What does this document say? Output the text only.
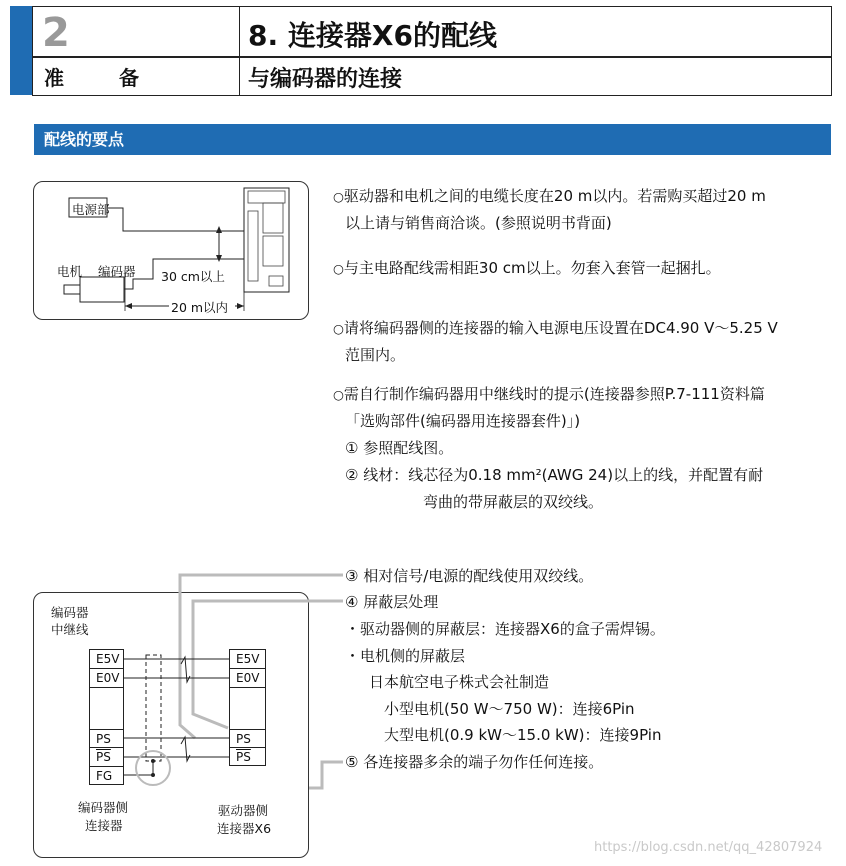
2
准 备
8. 连接器X6的配线
与编码器的连接
配线的要点
电源部
电机 编码器 30 cm以上
20 m以内
○驱动器和电机之间的电缆长度在20 m以内。若需购买超过20 m
以上请与销售商洽谈。(参照说明书背面)
○与主电路配线需相距30 cm以上。勿套入套管一起捆扎。
○请将编码器侧的连接器的输入电源电压设置在DC4.90 V～5.25 V
范围内。
○需自行制作编码器用中继线时的提示(连接器参照P.7-111资料篇
「选购部件(编码器用连接器套件)」)
① 参照配线图。
② 线材：线芯径为0.18 mm²(AWG 24)以上的线，并配置有耐
弯曲的带屏蔽层的双绞线。
③ 相对信号/电源的配线使用双绞线。
④ 屏蔽层处理
・驱动器侧的屏蔽层：连接器X6的盒子需焊锡。
・电机侧的屏蔽层
日本航空电子株式会社制造
小型电机(50 W～750 W)：连接6Pin
大型电机(0.9 kW～15.0 kW)：连接9Pin
⑤ 各连接器多余的端子勿作任何连接。
编码器
中继线
E5V
E0V
PS
$\overline{PS}$
FG
E5V
E0V
PS
$\overline{PS}$
编码器侧
连接器
驱动器侧
连接器X6
https://blog.csdn.net/qq_42807924
